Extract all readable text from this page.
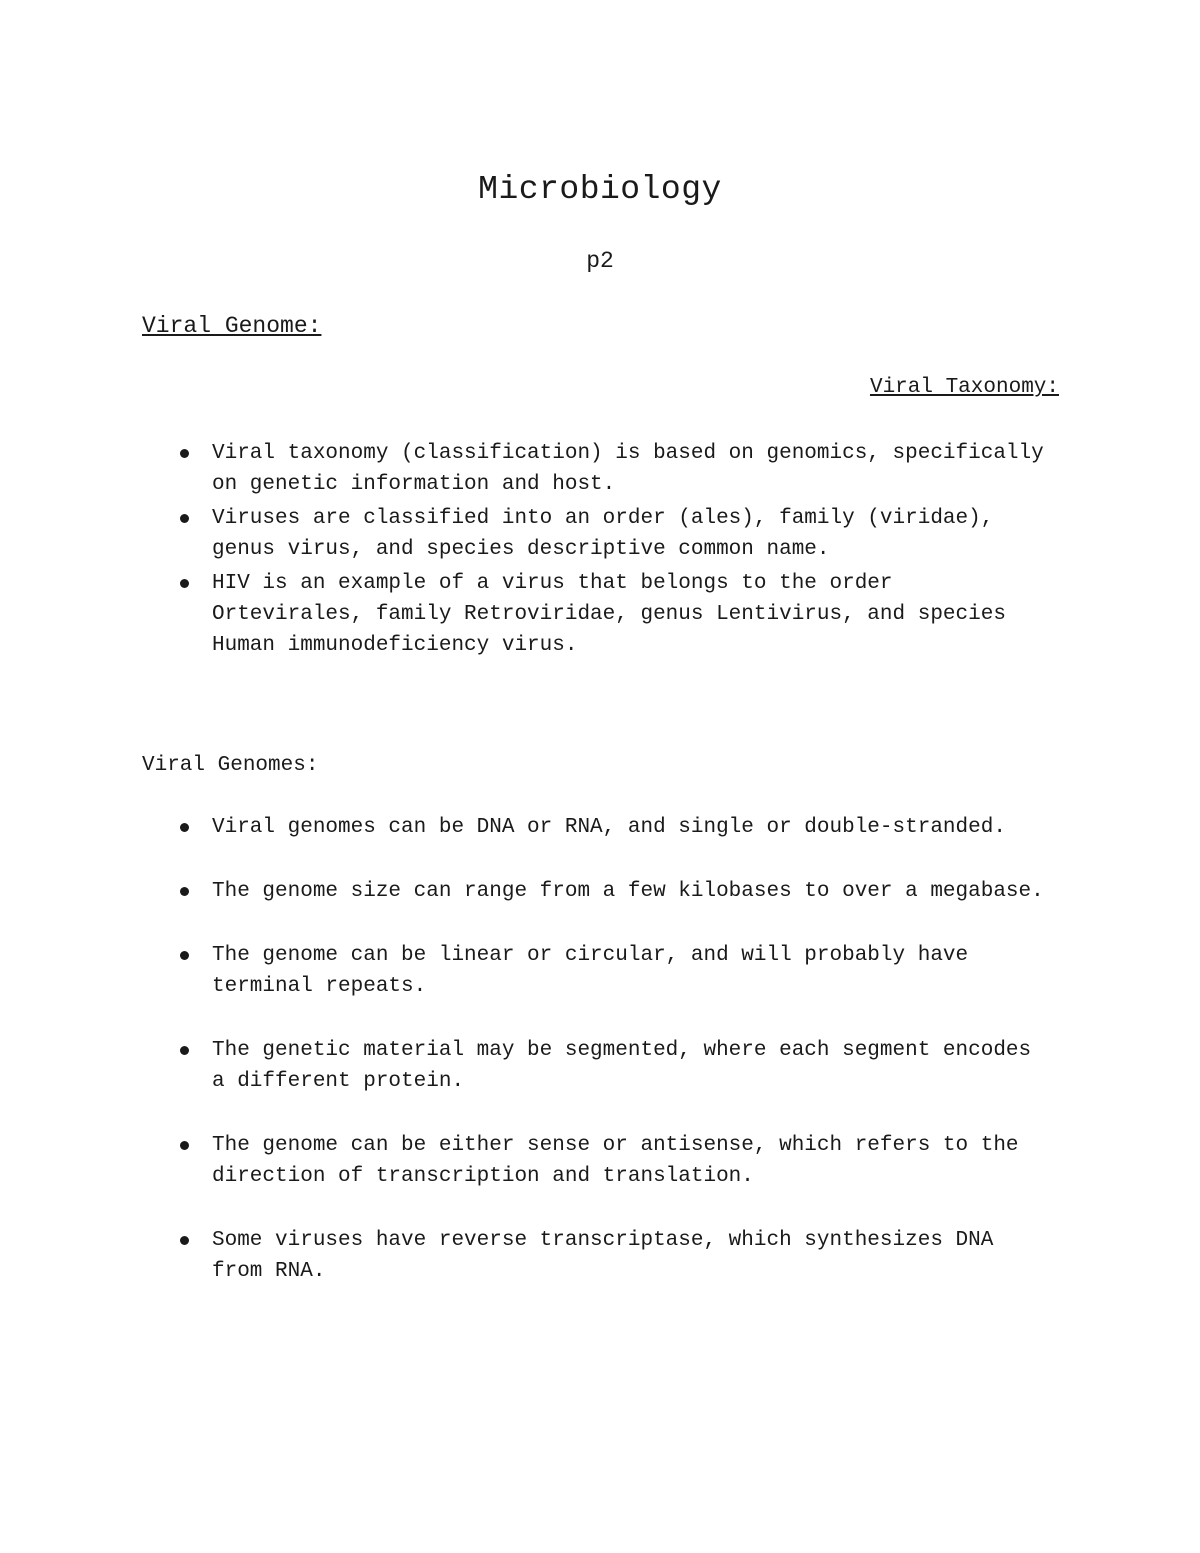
Microbiology
p2
Viral Genome:
Viral Taxonomy:
Viral taxonomy (classification) is based on genomics, specifically on genetic information and host.
Viruses are classified into an order (ales), family (viridae), genus virus, and species descriptive common name.
HIV is an example of a virus that belongs to the order Ortevirales, family Retroviridae, genus Lentivirus, and species Human immunodeficiency virus.
Viral Genomes:
Viral genomes can be DNA or RNA, and single or double-stranded.
The genome size can range from a few kilobases to over a megabase.
The genome can be linear or circular, and will probably have terminal repeats.
The genetic material may be segmented, where each segment encodes a different protein.
The genome can be either sense or antisense, which refers to the direction of transcription and translation.
Some viruses have reverse transcriptase, which synthesizes DNA from RNA.
